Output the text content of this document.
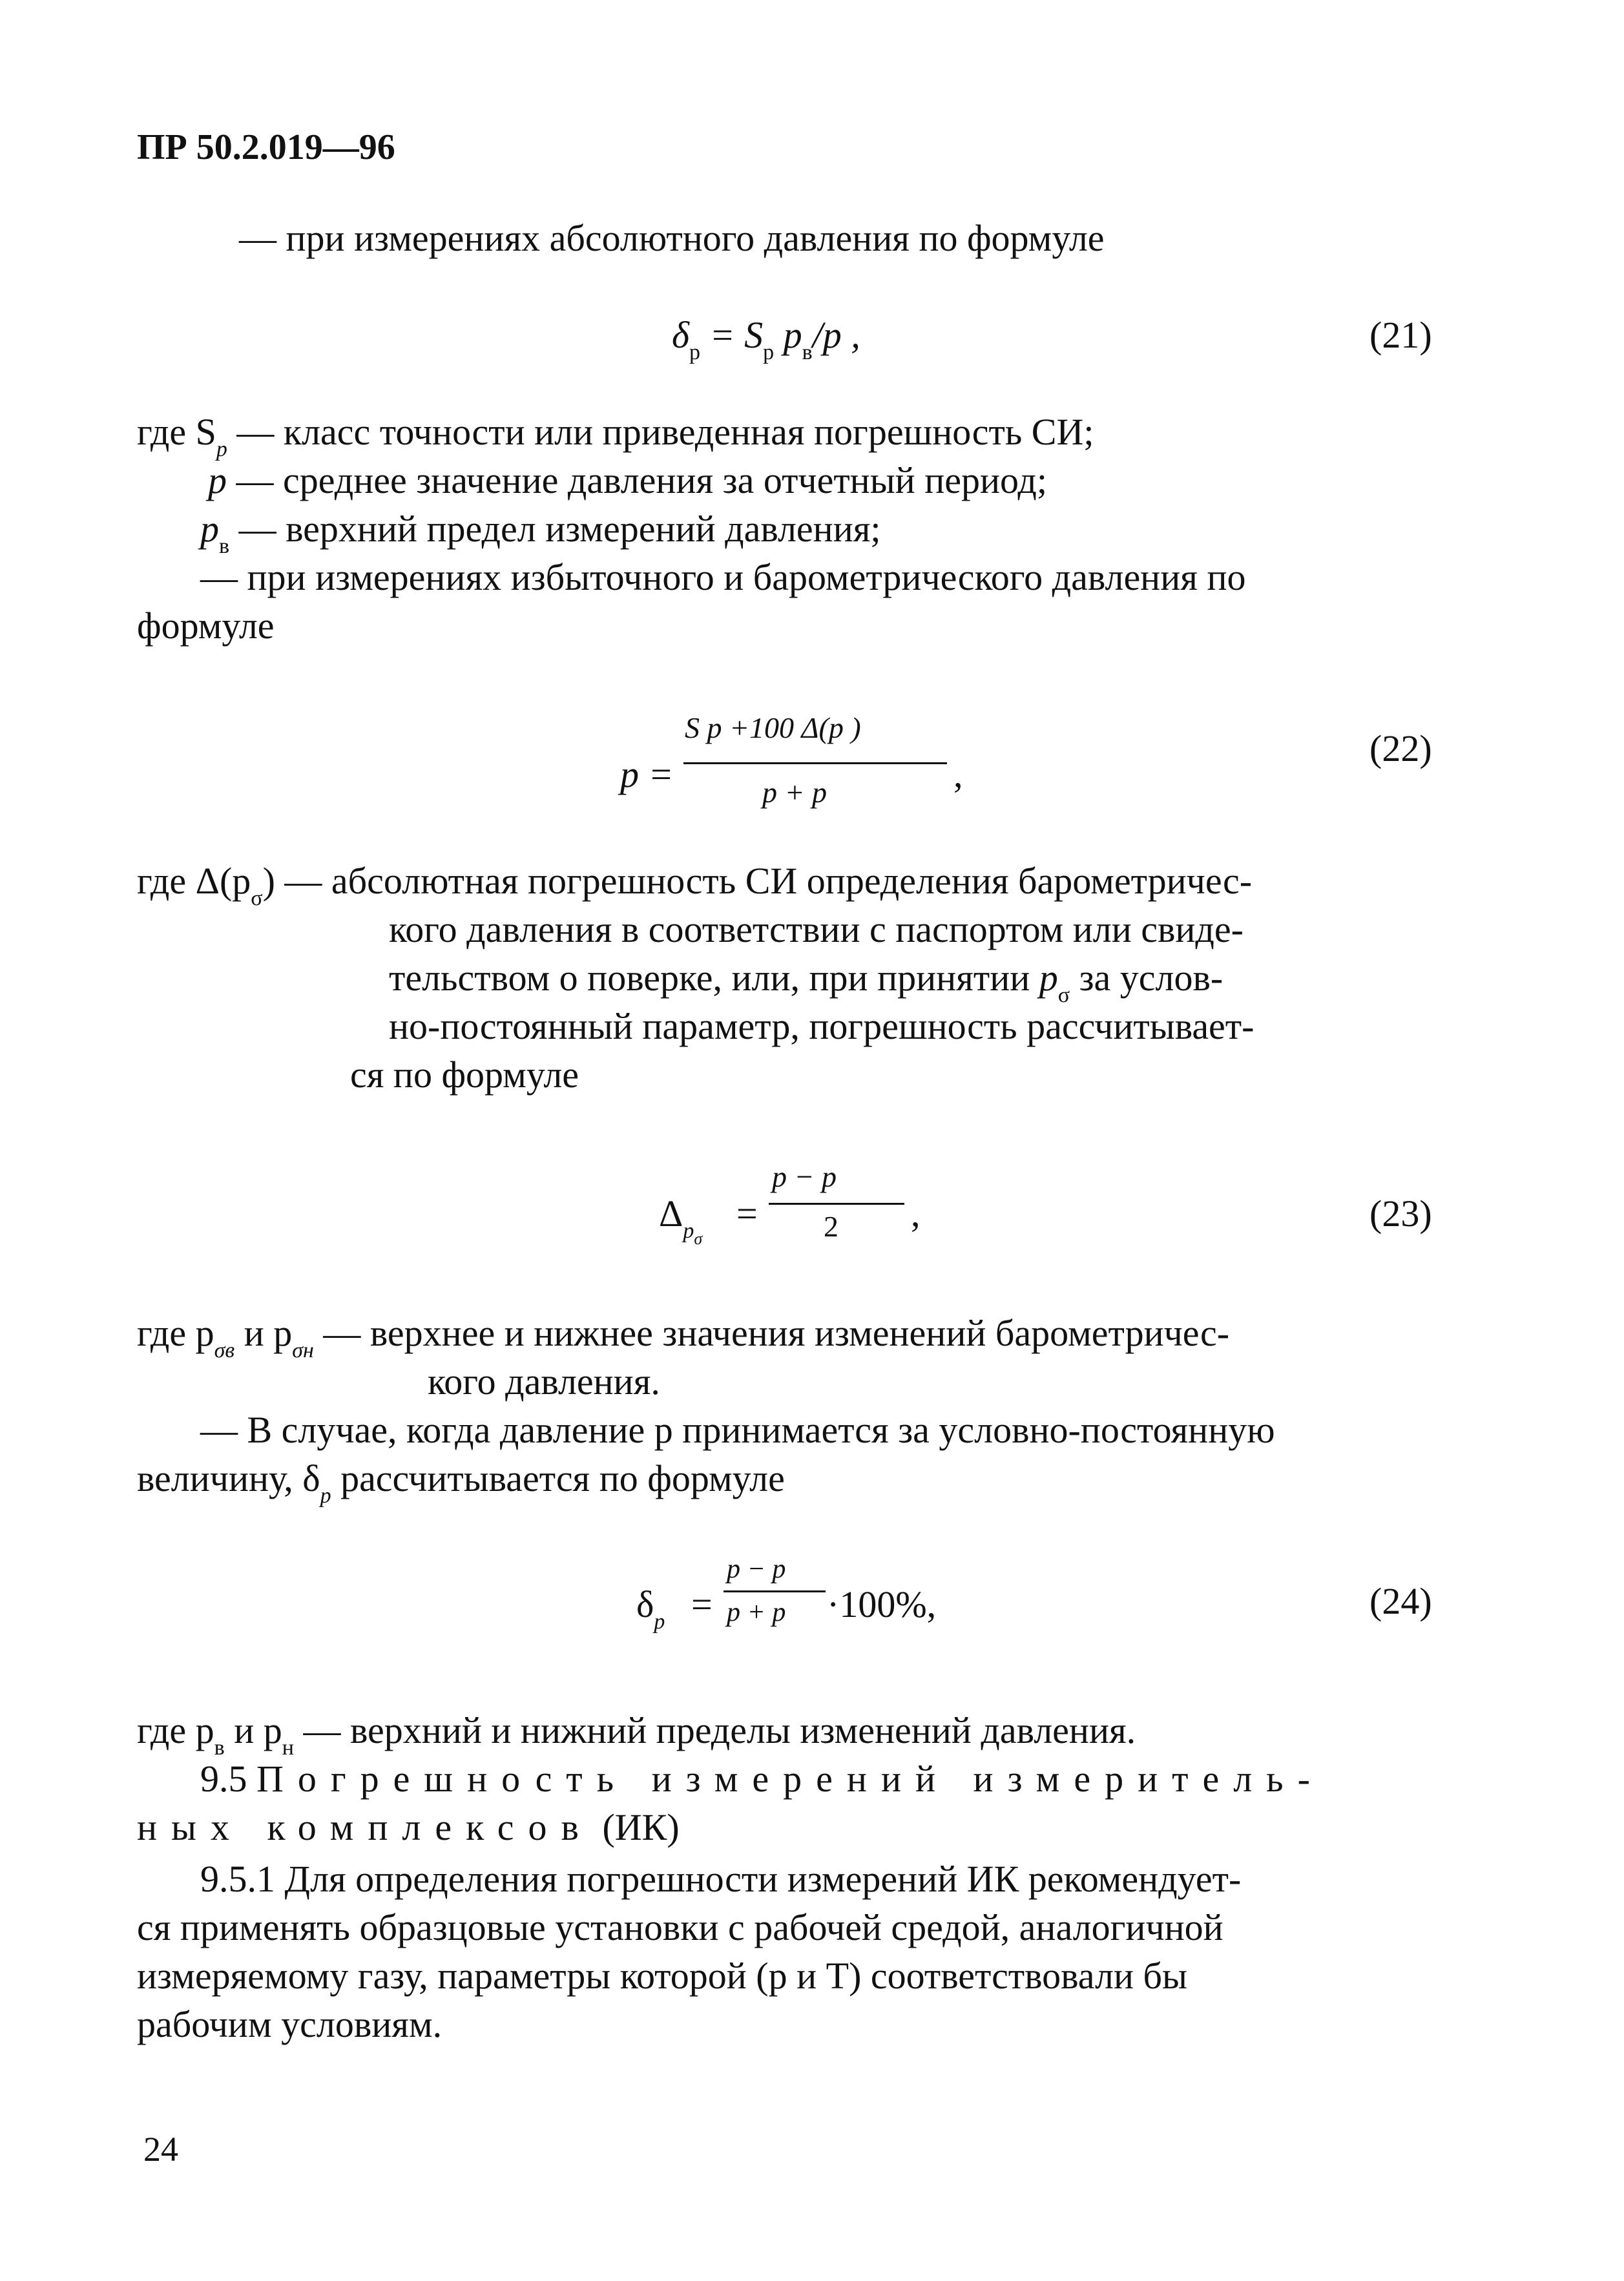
ПР 50.2.019—96
— при измерениях абсолютного давления по формуле
$\delta_p = S_p$ $p_в/p$ ,	(21)
где $S_p$ — класс точности или приведенная погрешность СИ;
p — среднее значение давления за отчетный период;
$p_в$ — верхний предел измерений давления;
— при измерениях избыточного и барометрического давления по
формуле
p =
S p +100 Δ(p )
p + p	,
(22)
где $\Delta(p_\sigma)$ — абсолютная погрешность СИ определения барометричес-
кого давления в соответствии с паспортом или свиде-
тельством о поверке, или, при принятии $p_\sigma$ за услов-
но-постоянный параметр, погрешность рассчитывает-
ся по формуле
$\Delta_{p\sigma}$
=
p − p
2 ,	(23)
где $p_{\sigma в}$ и $p_{\sigma н}$ — верхнее и нижнее значения изменений барометричес-
кого давления.
— В случае, когда давление p принимается за условно-постоянную
величину, $\delta_p$ рассчитывается по формуле
$\delta_p$ =
p − p
p + p ·100%,	(24)
где $p_в$ и $p_н$ — верхний и нижний пределы изменений давления.
9.5 Погрешность измерений измеритель-
ных комплексов (ИК)
9.5.1 Для определения погрешности измерений ИК рекомендует-
ся применять образцовые установки с рабочей средой, аналогичной
измеряемому газу, параметры которой (p и T) соответствовали бы
рабочим условиям.
24
